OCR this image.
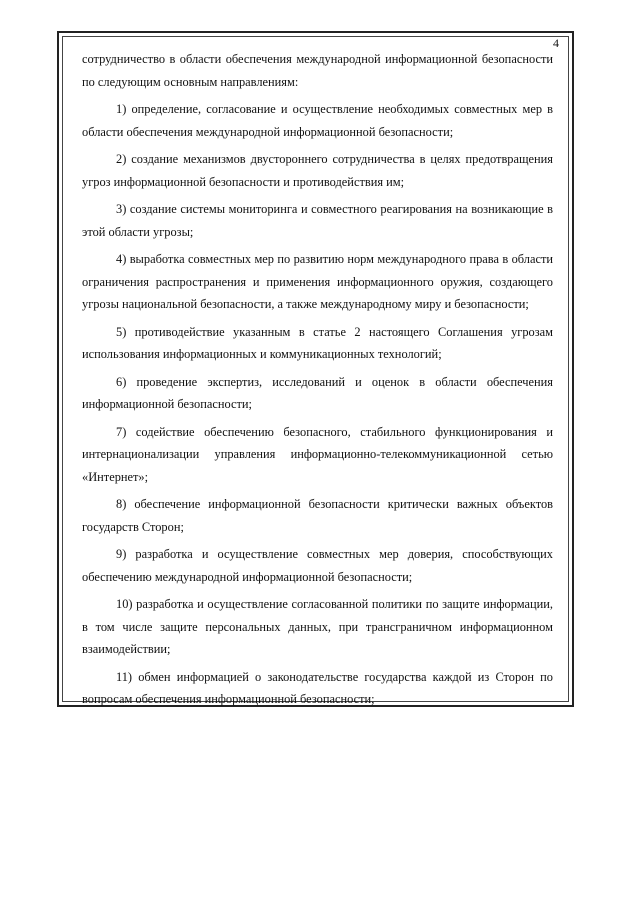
4

сотрудничество в области обеспечения международной информационной безопасности по следующим основным направлениям:

1) определение, согласование и осуществление необходимых совместных мер в области обеспечения международной информационной безопасности;

2) создание механизмов двустороннего сотрудничества в целях предотвращения угроз информационной безопасности и противодействия им;

3) создание системы мониторинга и совместного реагирования на возникающие в этой области угрозы;

4) выработка совместных мер по развитию норм международного права в области ограничения распространения и применения информационного оружия, создающего угрозы национальной безопасности, а также международному миру и безопасности;

5) противодействие указанным в статье 2 настоящего Соглашения угрозам использования информационных и коммуникационных технологий;

6) проведение экспертиз, исследований и оценок в области обеспечения информационной безопасности;

7) содействие обеспечению безопасного, стабильного функционирования и интернационализации управления информационно-телекоммуникационной сетью «Интернет»;

8) обеспечение информационной безопасности критически важных объектов государств Сторон;

9) разработка и осуществление совместных мер доверия, способствующих обеспечению международной информационной безопасности;

10) разработка и осуществление согласованной политики по защите информации, в том числе защите персональных данных, при трансграничном информационном взаимодействии;

11) обмен информацией о законодательстве государства каждой из Сторон по вопросам обеспечения информационной безопасности;
